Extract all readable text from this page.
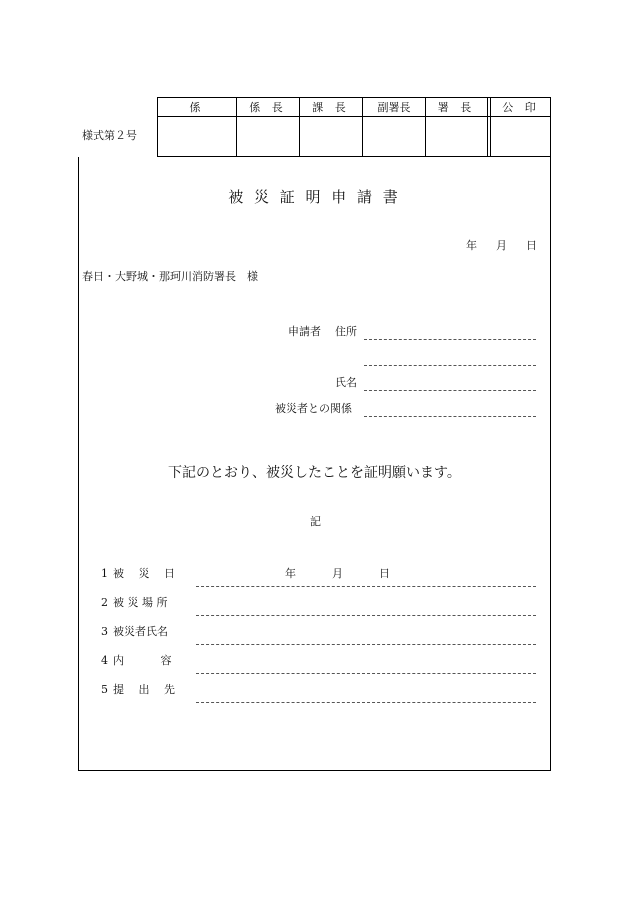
様式第２号
係	係 長	課 長	副署長	署 長	公 印
被 災 証 明 申 請 書
年 月 日
春日・大野城・那珂川消防署長　様
申請者 住所
氏名
被災者との関係
下記のとおり、被災したことを証明願います。
記
1 被　 災　 日	年	月	日
2 被 災 場 所
3 被災者氏名
4 内　　　 容
5 提　 出　 先
